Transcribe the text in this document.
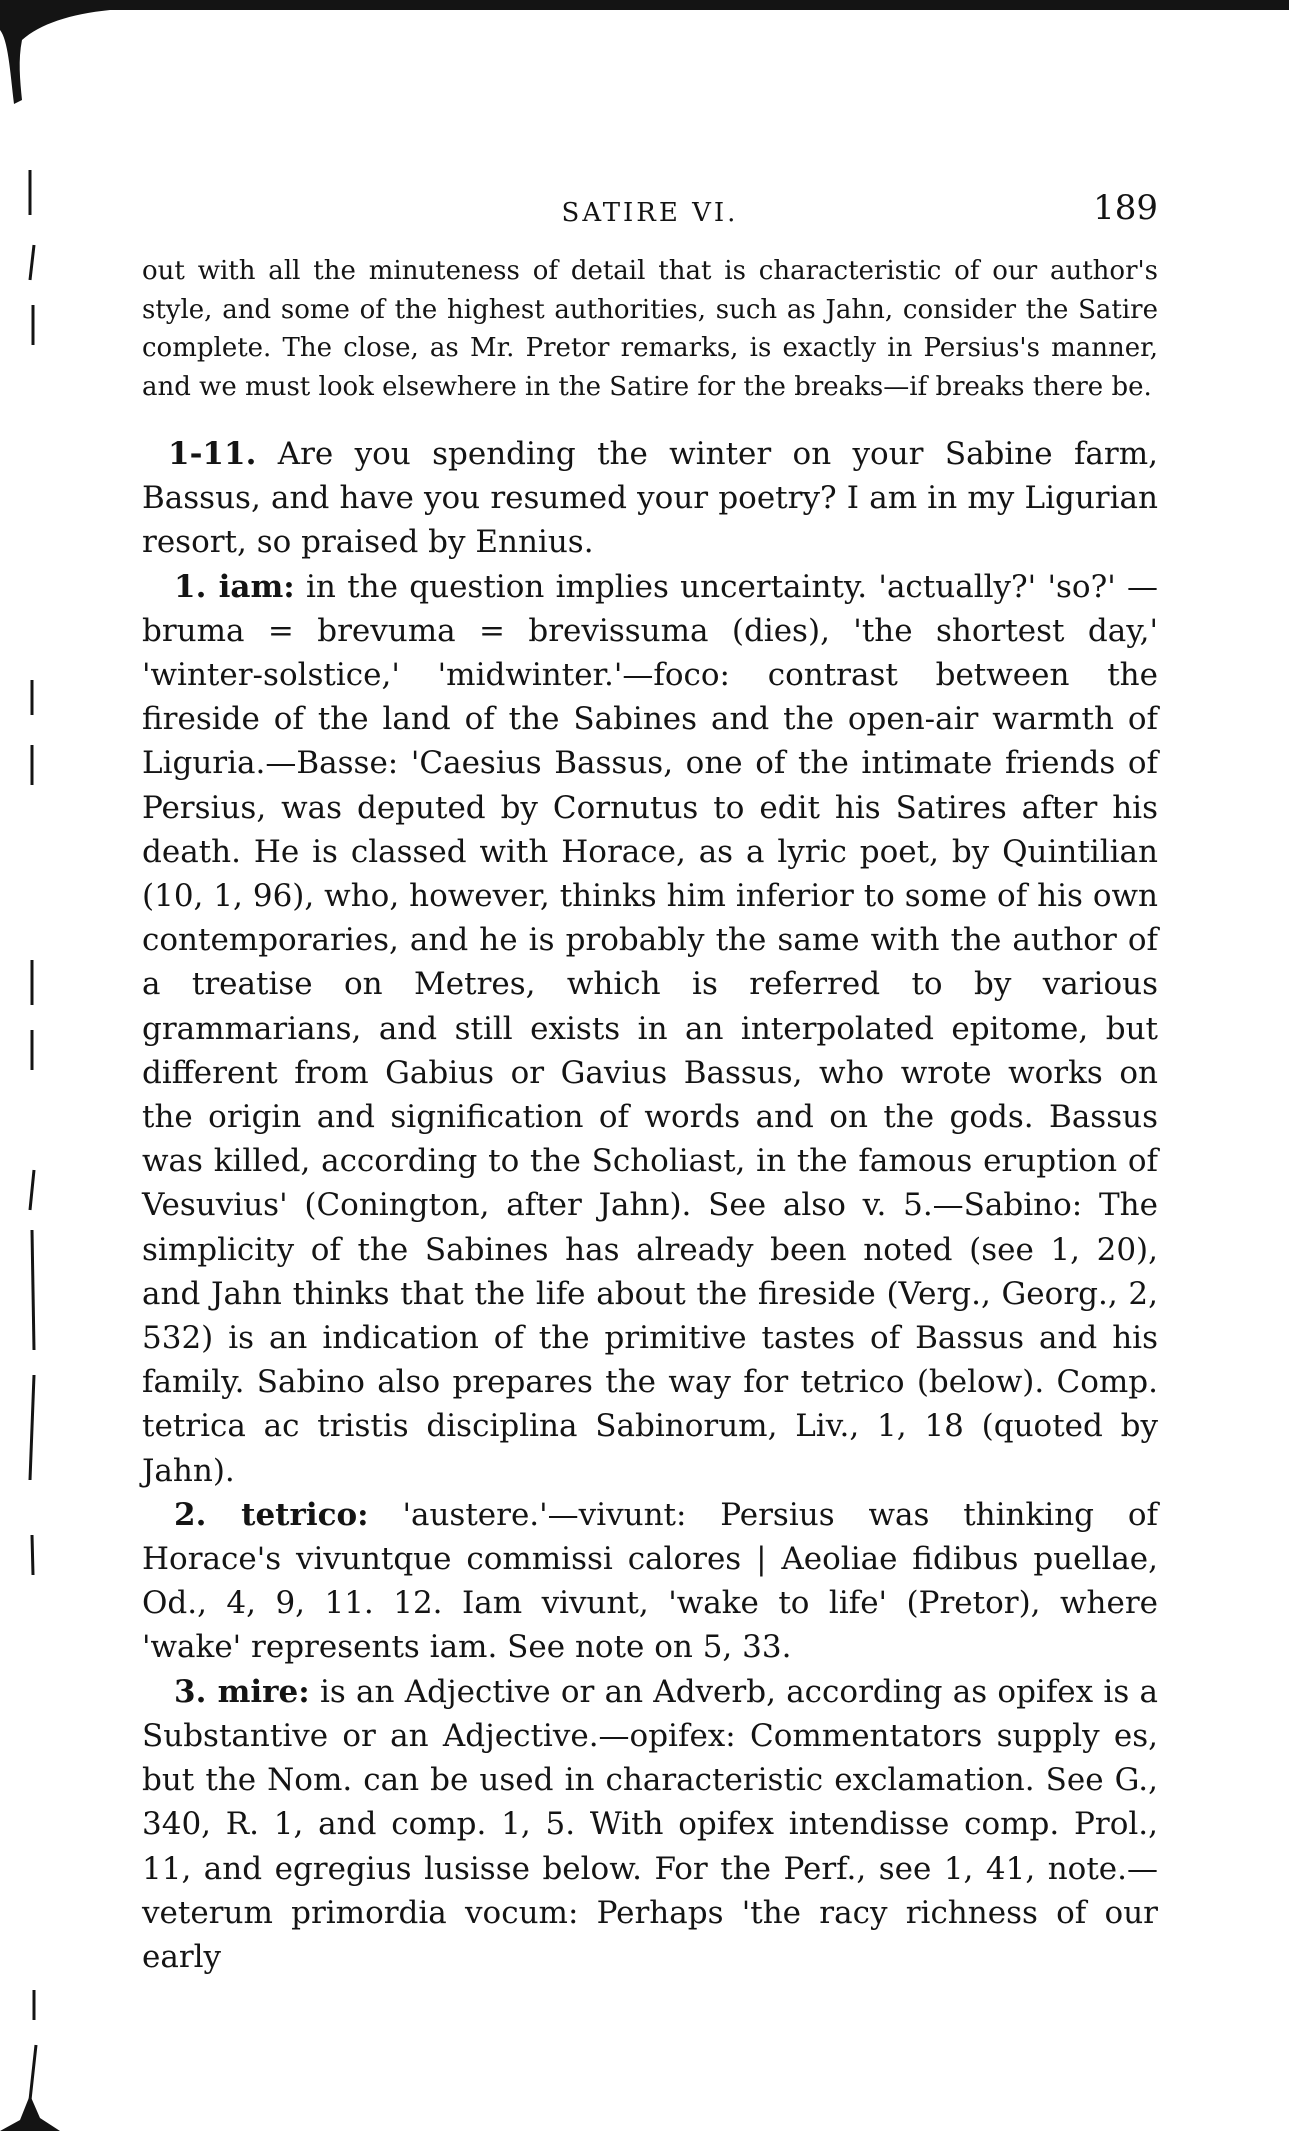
SATIRE VI.	189

out with all the minuteness of detail that is characteristic of our author's style, and some of the highest authorities, such as Jahn, consider the Satire complete. The close, as Mr. Pretor remarks, is exactly in Persius's manner, and we must look elsewhere in the Satire for the breaks—if breaks there be.

1-11. Are you spending the winter on your Sabine farm, Bassus, and have you resumed your poetry? I am in my Ligurian resort, so praised by Ennius.

1. iam: in the question implies uncertainty. 'actually?' 'so?' —bruma = brevuma = brevissuma (dies), 'the shortest day,' 'winter-solstice,' 'midwinter.'—foco: contrast between the fireside of the land of the Sabines and the open-air warmth of Liguria.—Basse: 'Caesius Bassus, one of the intimate friends of Persius, was deputed by Cornutus to edit his Satires after his death. He is classed with Horace, as a lyric poet, by Quintilian (10, 1, 96), who, however, thinks him inferior to some of his own contemporaries, and he is probably the same with the author of a treatise on Metres, which is referred to by various grammarians, and still exists in an interpolated epitome, but different from Gabius or Gavius Bassus, who wrote works on the origin and signification of words and on the gods. Bassus was killed, according to the Scholiast, in the famous eruption of Vesuvius' (Conington, after Jahn). See also v. 5.—Sabino: The simplicity of the Sabines has already been noted (see 1, 20), and Jahn thinks that the life about the fireside (Verg., Georg., 2, 532) is an indication of the primitive tastes of Bassus and his family. Sabino also prepares the way for tetrico (below). Comp. tetrica ac tristis disciplina Sabinorum, Liv., 1, 18 (quoted by Jahn).

2. tetrico: 'austere.'—vivunt: Persius was thinking of Horace's vivuntque commissi calores | Aeoliae fidibus puellae, Od., 4, 9, 11. 12. Iam vivunt, 'wake to life' (Pretor), where 'wake' represents iam. See note on 5, 33.

3. mire: is an Adjective or an Adverb, according as opifex is a Substantive or an Adjective.—opifex: Commentators supply es, but the Nom. can be used in characteristic exclamation. See G., 340, R. 1, and comp. 1, 5. With opifex intendisse comp. Prol., 11, and egregius lusisse below. For the Perf., see 1, 41, note.—veterum primordia vocum: Perhaps 'the racy richness of our early
